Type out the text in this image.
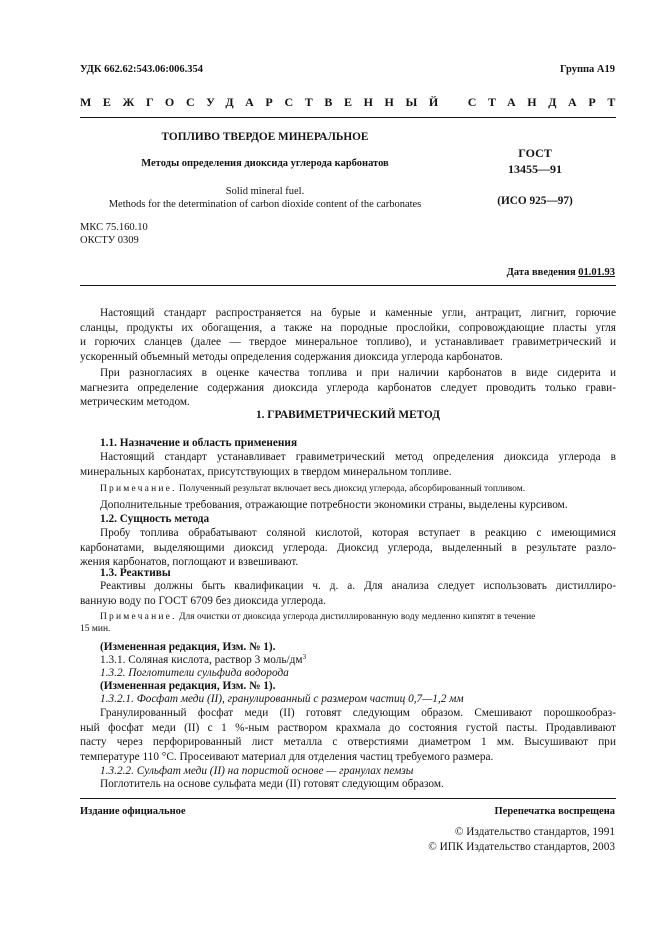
УДК 662.62:543.06:006.354	Группа А19
МЕЖГОСУДАРСТВЕННЫЙ СТАНДАРТ
ТОПЛИВО ТВЕРДОЕ МИНЕРАЛЬНОЕ
Методы определения диоксида углерода карбонатов
Solid mineral fuel.
Methods for the determination of carbon dioxide content of the carbonates
ГОСТ
13455—91
(ИСО 925—97)
МКС 75.160.10
ОКСТУ 0309
Дата введения 01.01.93
Настоящий стандарт распространяется на бурые и каменные угли, антрацит, лигнит, горючие
сланцы, продукты их обогащения, а также на породные прослойки, сопровождающие пласты угля
и горючих сланцев (далее — твердое минеральное топливо), и устанавливает гравиметрический и
ускоренный объемный методы определения содержания диоксида углерода карбонатов.
При разногласиях в оценке качества топлива и при наличии карбонатов в виде сидерита и
магнезита определение содержания диоксида углерода карбонатов следует проводить только грави-
метрическим методом.
1. ГРАВИМЕТРИЧЕСКИЙ МЕТОД
1.1. Назначение и область применения
Настоящий стандарт устанавливает гравиметрический метод определения диоксида углерода в
минеральных карбонатах, присутствующих в твердом минеральном топливе.
Примечание. Полученный результат включает весь диоксид углерода, абсорбированный топливом.
Дополнительные требования, отражающие потребности экономики страны, выделены курсивом.
1.2. Сущность метода
Пробу топлива обрабатывают соляной кислотой, которая вступает в реакцию с имеющимися
карбонатами, выделяющими диоксид углерода. Диоксид углерода, выделенный в результате разло-
жения карбонатов, поглощают и взвешивают.
1.3. Реактивы
Реактивы должны быть квалификации ч. д. а. Для анализа следует использовать дистиллиро-
ванную воду по ГОСТ 6709 без диоксида углерода.
Примечание. Для очистки от диоксида углерода дистиллированную воду медленно кипятят в течение
15 мин.
(Измененная редакция, Изм. № 1).
1.3.1. Соляная кислота, раствор 3 моль/$дм^3$
1.3.2. Поглотители сульфида водорода
(Измененная редакция, Изм. № 1).
1.3.2.1. Фосфат меди (II), гранулированный с размером частиц 0,7—1,2 мм
Гранулированный фосфат меди (II) готовят следующим образом. Смешивают порошкообраз-
ный фосфат меди (II) с 1 %-ным раствором крахмала до состояния густой пасты. Продавливают
пасту через перфорированный лист металла с отверстиями диаметром 1 мм. Высушивают при
температуре 110 °С. Просеивают материал для отделения частиц требуемого размера.
1.3.2.2. Сульфат меди (II) на пористой основе — гранулах пемзы
Поглотитель на основе сульфата меди (II) готовят следующим образом.
Издание официальное	Перепечатка воспрещена
© Издательство стандартов, 1991
© ИПК Издательство стандартов, 2003
